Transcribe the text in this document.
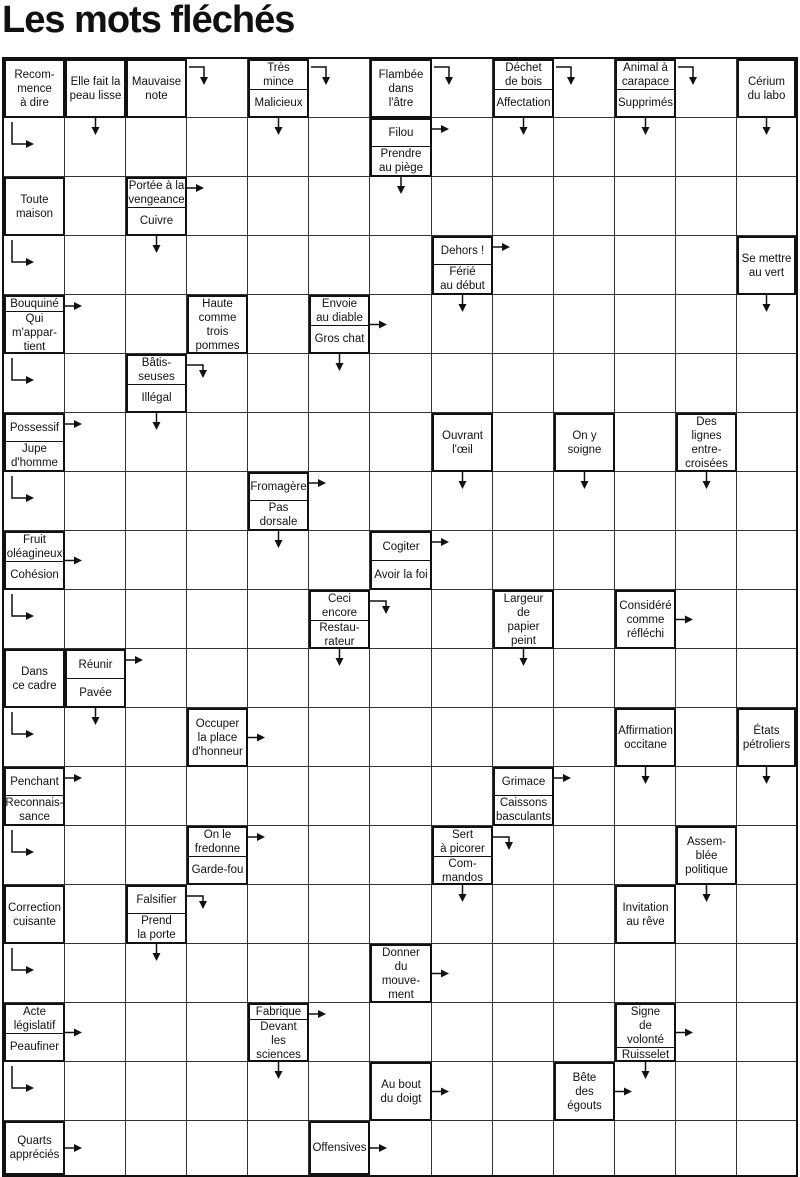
Les mots fléchés
Recom-
mence
à dire
Elle fait la
peau lisse
Mauvaise
note
Très
mince
Malicieux
Flambée
dans
l'âtre
Déchet
de bois
Affectation
Animal à
carapace
Supprimés
Cérium
du labo
Filou
Prendre
au piège
Toute
maison
Portée à la
vengeance
Cuivre
Dehors !
Férié
au début
Se mettre
au vert
Bouquiné
Qui
m'appar-
tient
Haute
comme
trois
pommes
Envoie
au diable
Gros chat
Bâtis-
seuses
Illégal
Possessif
Jupe
d'homme
Ouvrant
l'œil
On y
soigne
Des
lignes
entre-
croisées
Fromagère
Pas
dorsale
Fruit
oléagineux
Cohésion
Cogiter
Avoir la foi
Ceci
encore
Restau-
rateur
Largeur de
papier
peint
Considéré
comme
réfléchi
Dans
ce cadre
Réunir
Pavée
Occuper
la place
d'honneur
Affirmation
occitane
États
pétroliers
Penchant
Reconnais-
sance
Grimace
Caissons
basculants
On le
fredonne
Garde-fou
Sert
à picorer
Com-
mandos
Assem-
blée
politique
Correction
cuisante
Falsifier
Prend
la porte
Invitation
au rêve
Donner
du mouve-
ment
Acte
législatif
Peaufiner
Fabrique
Devant les
sciences
Signe
de volonté
Ruisselet
Au bout
du doigt
Bête
des
égouts
Quarts
appréciés
Offensives
